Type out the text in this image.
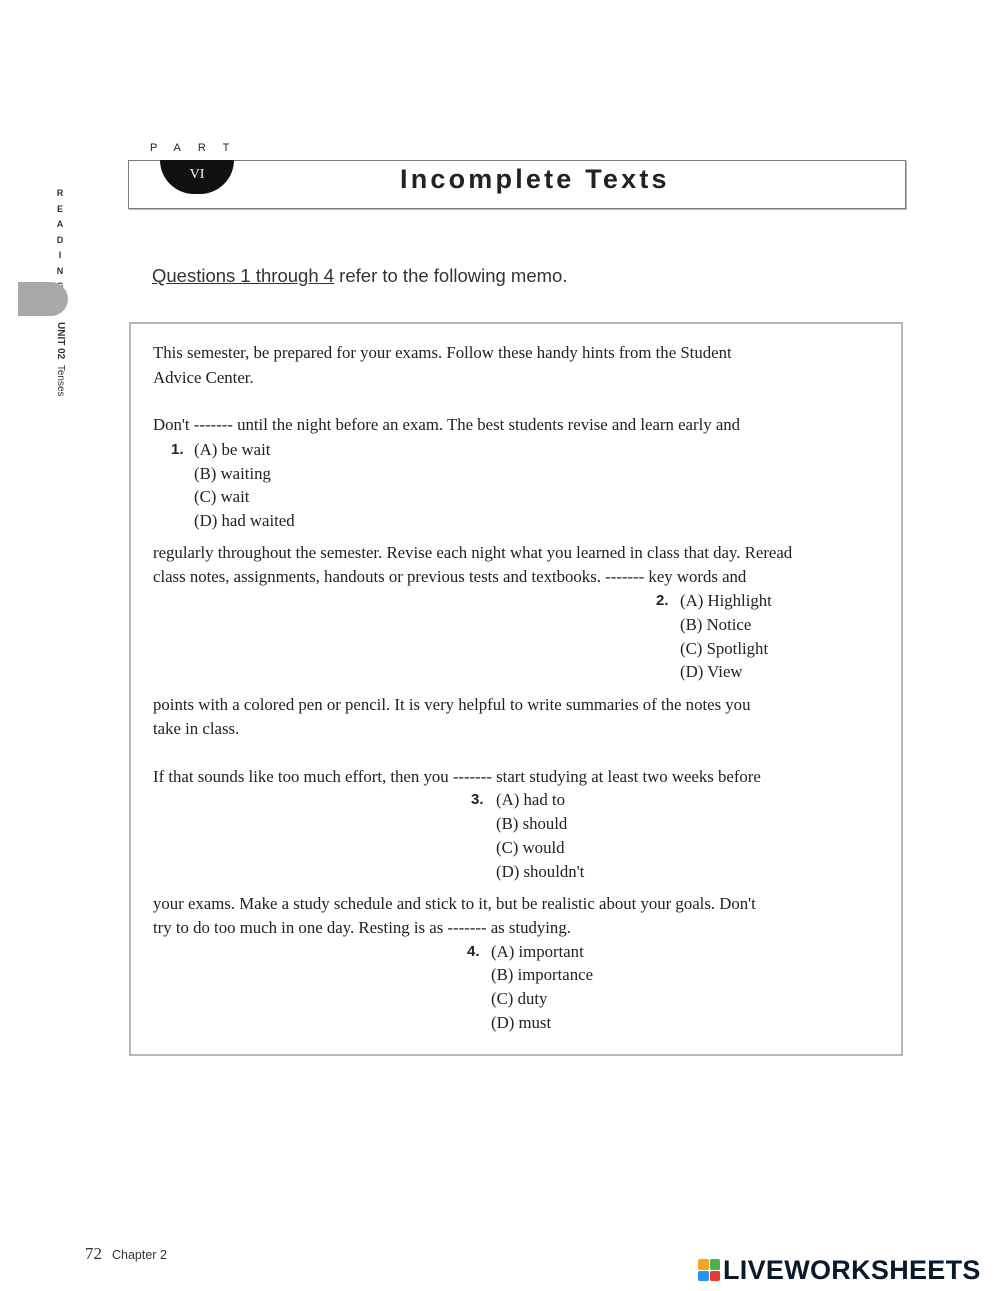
R
E
A
D
I
N
UNIT 02 Tenses
PART
VI	Incomplete Texts
Questions 1 through 4 refer to the following memo.
This semester, be prepared for your exams. Follow these handy hints from the Student
Advice Center.
Don't ------- until the night before an exam. The best students revise and learn early and
1. (A) be wait
(B) waiting
(C) wait
(D) had waited
regularly throughout the semester. Revise each night what you learned in class that day. Reread
class notes, assignments, handouts or previous tests and textbooks. ------- key words and
2. (A) Highlight
(B) Notice
(C) Spotlight
(D) View
points with a colored pen or pencil. It is very helpful to write summaries of the notes you
take in class.
If that sounds like too much effort, then you ------- start studying at least two weeks before
3. (A) had to
(B) should
(C) would
(D) shouldn't
your exams. Make a study schedule and stick to it, but be realistic about your goals. Don't
try to do too much in one day. Resting is as ------- as studying.
4. (A) important
(B) importance
(C) duty
(D) must
72 Chapter 2	LIVEWORKSHEETS
